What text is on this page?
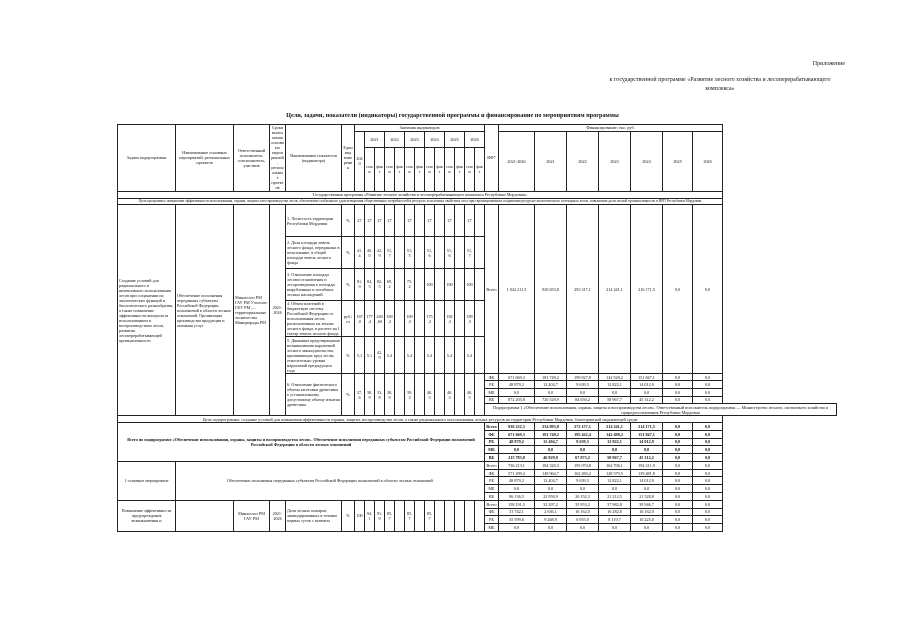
Приложение
к государственной программе «Развитие лесного хозяйства и лесоперерабатывающего комплекса»
Цели, задачи, показатели (индикаторы) государственной программы и финансирование по мероприятиям программы
Задачи подпрограммы	Наименование основных мероприятий, региональных проектов	Ответственный исполнитель, соисполнитель, участник	Сроки выполнения основных мероприятий, региональных проектов	Наименование показателя (индикатора)	Единица измерения	Значения индикаторов													ИФ*	Финансирование, тыс. руб.						
						2020	2021		2022		2023		2024		2025		2026			2021-2026	2021	2022	2023	2024	2025	2026
							план	факт	план	факт	план	факт	план	факт	план	факт	план	факт								
Государственная программа «Развитие лесного хозяйства и лесоперерабатывающего комплекса Республики Мордовия»																										
Цель программы: повышение эффективности использования, охраны, защиты и воспроизводства лесов, обеспечение стабильного удовлетворения общественных потребностей в ресурсах и полезных свойствах леса при гарантированном сохранении ресурсно-экологического потенциала лесов, повышение доли лесной промышленности в ВРП Республики Мордовия																										
Создание условий для рационального и интенсивного использования лесов при сохранении их экологических функций и биологического разнообразия, а также повышение эффективности контроля за использованием и воспроизводством лесов, развития лесоперерабатывающей промышленности	Обеспечение исполнения переданных субъектам Российской Федерации полномочий в области лесных отношений. Организация производства продукции и оказания услуг	Минлесхоз РМ ГАУ РМ Учхозлес ГКУ РМ — территориальные лесничества Минприроды РМ	2021-2026	1. Лесистость территории Республики Мордовия	%	27	27	27	27		27		27		27		27		Всего	1 042 211,5	920 653,8	293 317,1	214 241,1	216 171,5	0,0	0,0
				2. Доля площади земель лесного фонда, переданных в пользование, в общей площади земель лесного фонда	%	41,4	40,0	42,9	51,7		51,5		51,6		51,6		51,7									
				3. Отношение площади лесовосстановления и лесоразведения к площади вырубленных и погибших лесных насаждений	%	81,9	84,5	82,5	69,2		75,2		100		100		100									
				4. Объем платежей в бюджетную систему Российской Федерации от использования лесов, расположенных на землях лесного фонда, в расчете на 1 гектар земель лесного фонда	руб./га	167,0	177,4	249,60	169,2		169,5		175,2		182,3		189,5									
				5. Динамика предотвращения возникновения нарушений лесного законодательства, причиняющих вред лесам, относительно уровня нарушений предыдущего года	%	5,1	5,1	42,9	5,4		5,4		5,4		5,4		5,4									
				6. Отношение фактического объема заготовки древесины к установленному допустимому объему изъятия древесины	%	37,6	38,9	33,8	38,9		39,3		40,3		40,3		40,5		ФБ	671 669,3	181 749,2	199 027,8	142 528,2	151 847,1	0,0	0,0
																			РБ	48 879,2	12 404,7	9 639,3	12 822,1	14 012,9	0,0	0,0
																			МБ	0,0	0,0	0,0	0,0	0,0	0,0	0,0
																			ВБ	872 205,8	726 529,9	84 650,2	58 967,7	45 312,2	0,0	0,0
																			Подпрограмма 1 «Обеспечение использования, охраны, защиты и воспроизводства лесов». Ответственный исполнитель подпрограммы — Министерство лесного, охотничьего хозяйства и природопользования Республики Мордовия							
Цель подпрограммы: создание условий для повышения эффективности охраны, защиты, воспроизводства лесов, а также рационального использования лесных ресурсов на территории Республики Мордовия, благоприятной окружающей среды																										
Всего по подпрограмме «Обеспечение использования, охраны, защиты и воспроизводства лесов». Обеспечение исполнения переданных субъектам Российской Федерации полномочий Российской Федерации в области лесных отношений																			Всего	936 232,3	234 093,8	272 157,1	214 241,1	214 171,5	0,0	0,0
																			ФБ	671 669,3	181 749,2	195 422,4	142 498,2	151 847,1	0,0	0,0
																			РБ	48 879,2	12 404,7	9 639,3	12 822,1	14 012,9	0,0	0,0
																			МБ	0,0	0,0	0,0	0,0	0,0	0,0	0,0
																			ВБ	215 783,8	46 929,9	67 073,2	58 967,7	45 312,2	0,0	0,0
1 основное мероприятие	Обеспечение исполнения переданных субъектам Российской Федерации полномочий в области лесных отношений																		Всего	736 213,1	184 320,3	195 074,8	162 706,1	194 211,9	0,0	0,0
																			ФБ	571 299,4	148 964,7	162 283,2	128 579,5	139 481,8	0,0	0,0
																			РБ	48 879,2	12 404,7	9 639,3	12 822,1	14 012,9	0,0	0,0
																			МБ	0,0	0,0	0,0	0,0	0,0	0,0	0,0
																			ВБ	96 136,5	22 950,9	20 152,3	21 212,5	21 528,8	0,0	0,0
Повышение эффективности предупреждения возникновения и		Минлесхоз РМ ГАУ РМ	2021-2026	Доля лесных пожаров, ликвидированных в течение первых суток с момента	%	100	94,1	91,9	85,7		85,7		85,7						Всего	158 191,5	32 297,2	35 953,2	37 982,8	39 946,7	0,0	0,0
																			ФБ	31 742,1	2 636,1	16 162,0	16 282,8	16 162,0	0,0	0,0
																			РБ	35 599,6	9 268,9	6 955,0	8 119,7	10 225,0	0,0	0,0
																			МБ	0,0	0,0	0,0	0,0	0,0	0,0	0,0
